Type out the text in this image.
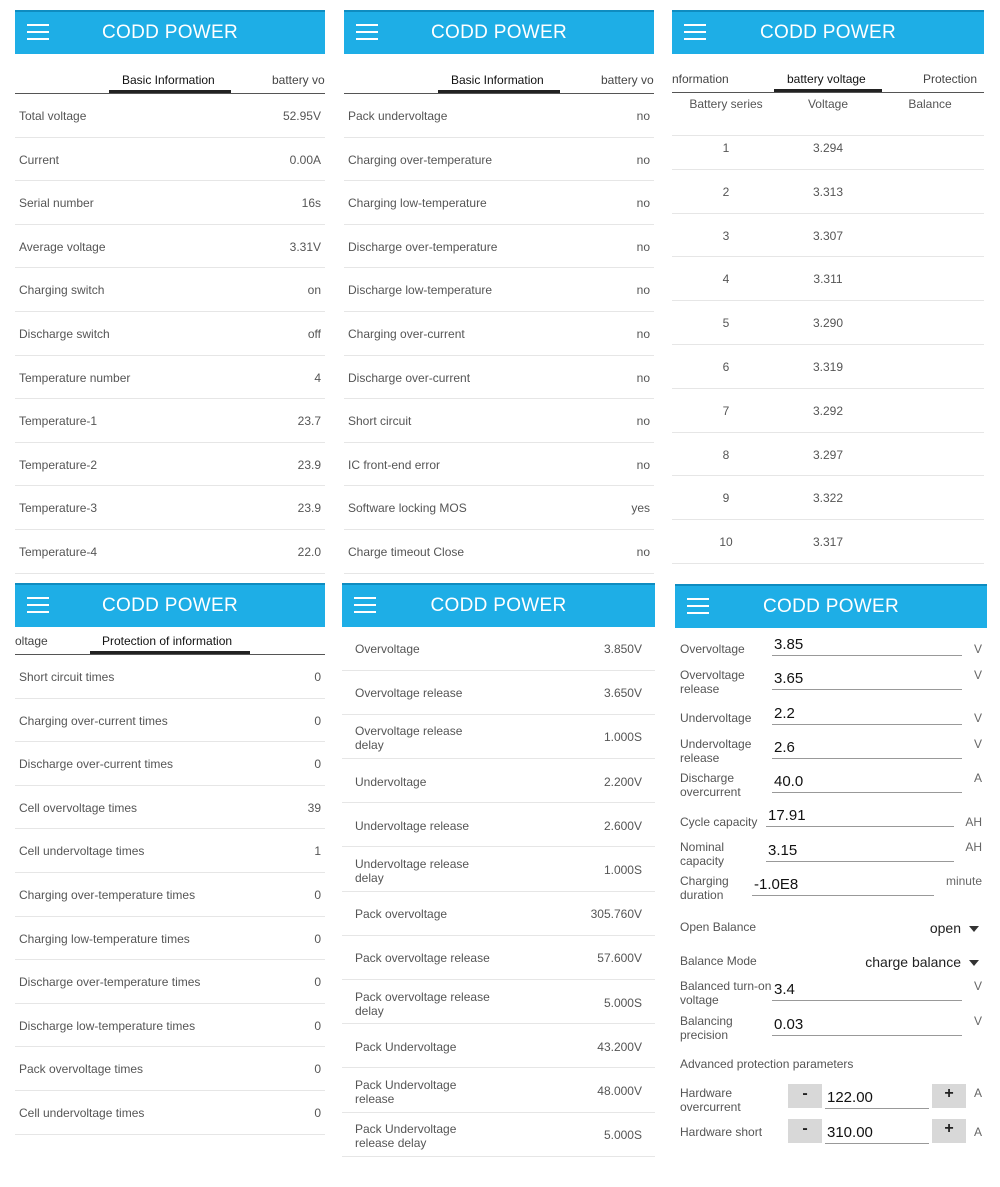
CODD POWER
Basic Information	battery vo
Total voltage	52.95V
Current	0.00A
Serial number	16s
Average voltage	3.31V
Charging switch	on
Discharge switch	off
Temperature number	4
Temperature-1	23.7
Temperature-2	23.9
Temperature-3	23.9
Temperature-4	22.0
CODD POWER
Basic Information	battery vo
Pack undervoltage	no
Charging over-temperature	no
Charging low-temperature	no
Discharge over-temperature	no
Discharge low-temperature	no
Charging over-current	no
Discharge over-current	no
Short circuit	no
IC front-end error	no
Software locking MOS	yes
Charge timeout Close	no
CODD POWER
nformation	battery voltage	Protection
Battery series	Voltage	Balance
1	3.294
2	3.313
3	3.307
4	3.311
5	3.290
6	3.319
7	3.292
8	3.297
9	3.322
10	3.317
CODD POWER
oltage	Protection of information
Short circuit times	0
Charging over-current times	0
Discharge over-current times	0
Cell overvoltage times	39
Cell undervoltage times	1
Charging over-temperature times	0
Charging low-temperature times	0
Discharge over-temperature times	0
Discharge low-temperature times	0
Pack overvoltage times	0
Cell undervoltage times	0
CODD POWER
Overvoltage	3.850V
Overvoltage release	3.650V
Overvoltage release delay
1.000S
Undervoltage	2.200V
Undervoltage release	2.600V
Undervoltage release delay
1.000S
Pack overvoltage	305.760V
Pack overvoltage release	57.600V
Pack overvoltage release delay
5.000S
Pack Undervoltage	43.200V
Pack Undervoltage release
48.000V
Pack Undervoltage release delay
5.000S
CODD POWER
Overvoltage	3.85	V
Overvoltage release
3.65	V
Undervoltage	2.2	V
Undervoltage release
2.6	V
Discharge overcurrent
40.0	A
Cycle capacity 17.91	AH
Nominal capacity
3.15	AH
Charging duration
-1.0E8	minute
Open Balance	open
Balance Mode	charge balance
Balanced turn-on voltage
3.4	V
Balancing precision
0.03	V
Advanced protection parameters
Hardware overcurrent
-	122.00	+	A
Hardware short	-	310.00	+	A
